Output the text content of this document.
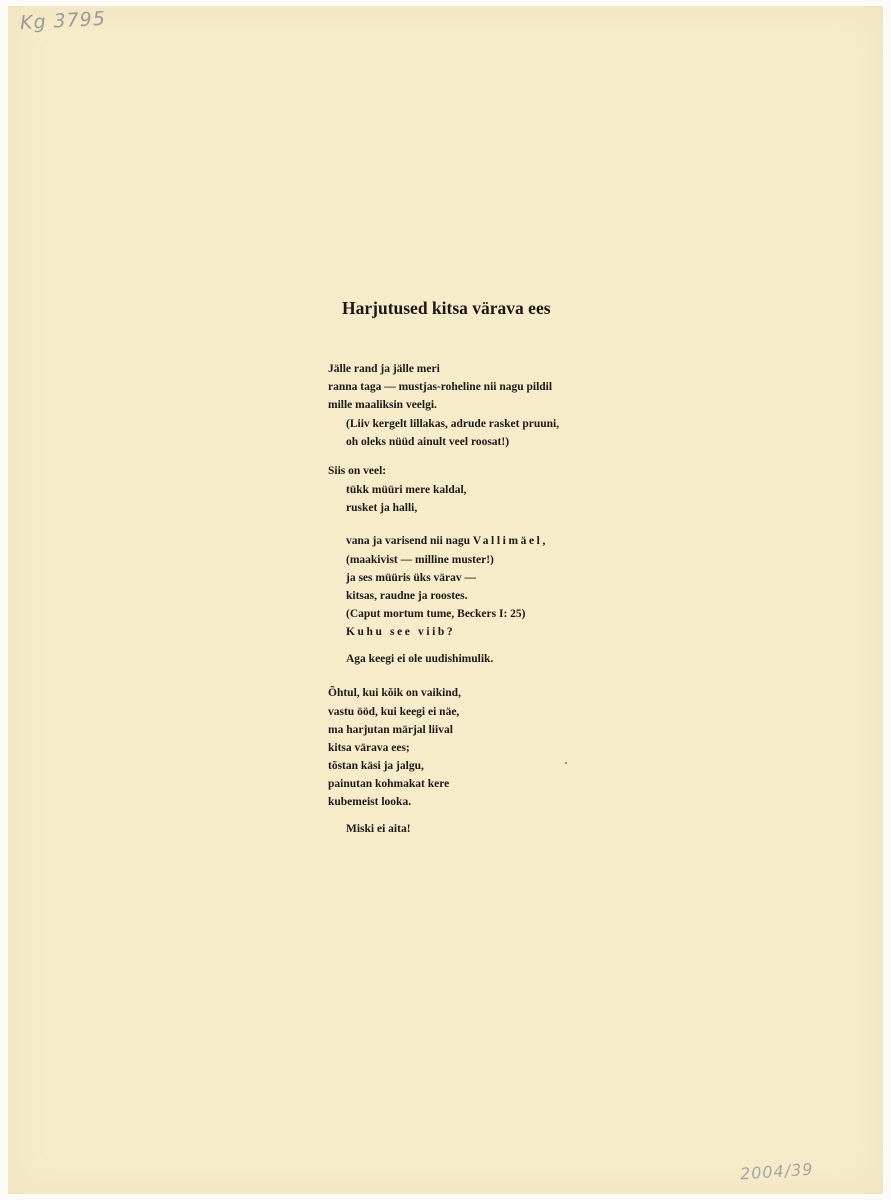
Kg 3795
2004/39
Harjutused kitsa värava ees
Jälle rand ja jälle meri
ranna taga — mustjas-roheline nii nagu pildil
mille maaliksin veelgi.
(Liiv kergelt lillakas, adrude rasket pruuni,
oh oleks nüüd ainult veel roosat!)
Siis on veel:
tükk müüri mere kaldal,
rusket ja halli,
vana ja varisend nii nagu Vallimäel,
(maakivist — milline muster!)
ja ses müüris üks värav —
kitsas, raudne ja roostes.
(Caput mortum tume, Beckers I: 25)
Kuhu see viib?
Aga keegi ei ole uudishimulik.
Õhtul, kui kõik on vaikind,
vastu ööd, kui keegi ei näe,
ma harjutan märjal liival
kitsa värava ees;
tõstan käsi ja jalgu,
painutan kohmakat kere
kubemeist looka.
Miski ei aita!
